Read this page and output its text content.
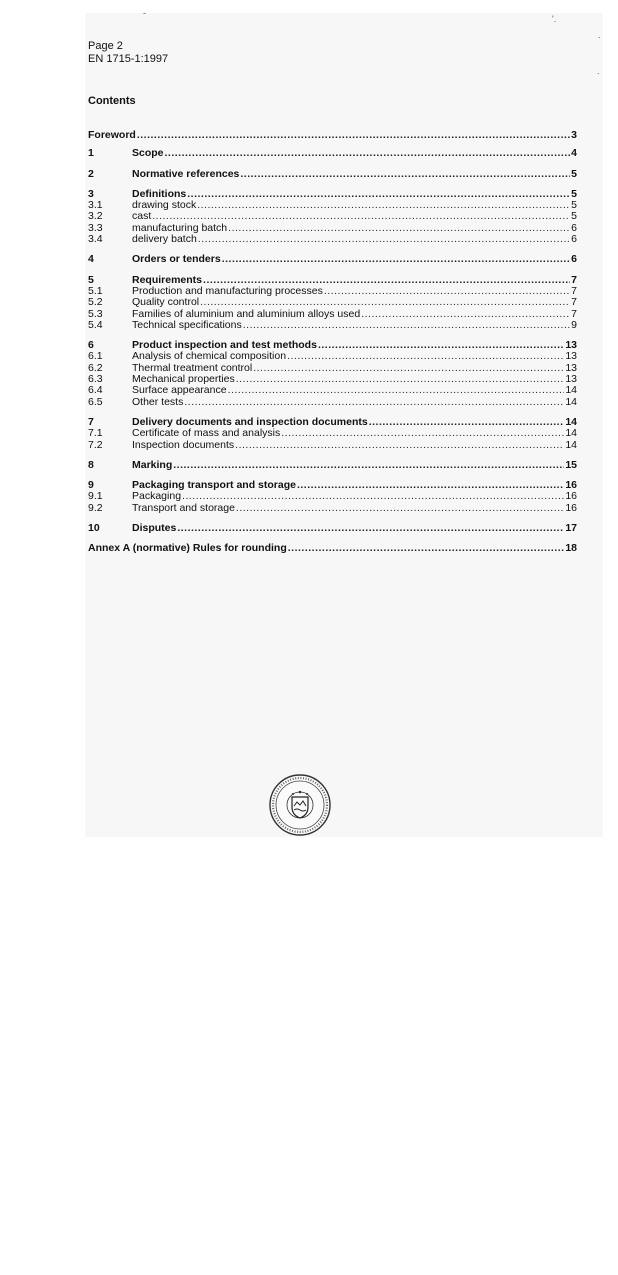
Page 2
EN 1715-1:1997
Contents
Foreword .....	3
1	Scope .....	4
2	Normative references .....	5
3	Definitions .....	5
3.1	drawing stock .....	5
3.2	cast .....	5
3.3	manufacturing batch .....	6
3.4	delivery batch .....	6
4	Orders or tenders .....	6
5	Requirements .....	7
5.1	Production and manufacturing processes .....	7
5.2	Quality control .....	7
5.3	Families of aluminium and aluminium alloys used .....	7
5.4	Technical specifications .....	9
6	Product inspection and test methods .....	13
6.1	Analysis of chemical composition .....	13
6.2	Thermal treatment control .....	13
6.3	Mechanical properties .....	13
6.4	Surface appearance .....	14
6.5	Other tests .....	14
7	Delivery documents and inspection documents .....	14
7.1	Certificate of mass and analysis .....	14
7.2	Inspection documents .....	14
8	Marking .....	15
9	Packaging transport and storage .....	16
9.1	Packaging .....	16
9.2	Transport and storage .....	16
10	Disputes .....	17
Annex A (normative) Rules for rounding .....	18
-
'.
.
.
